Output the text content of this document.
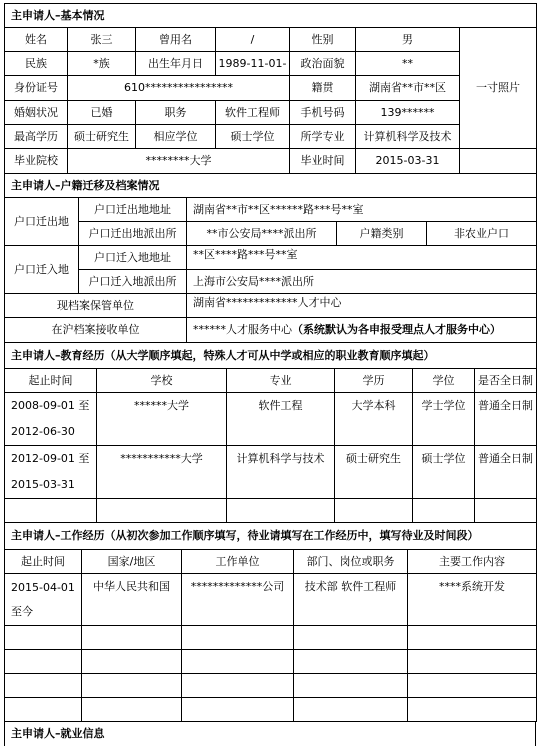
主申请人–基本情况						
姓名	张三	曾用名	/	性别	男	一寸照片
民族	*族	出生年月日	1989-11-01-	政治面貌	**	
身份证号	610****************			籍贯	湖南省**市**区	
婚姻状况	已婚	职务	软件工程师	手机号码	139******	
最高学历	硕士研究生	相应学位	硕士学位	所学专业	计算机科学及技术	
毕业院校	********大学			毕业时间	2015-03-31	
主申请人–户籍迁移及档案情况				
户口迁出地	户口迁出地地址	湖南省**市**区******路***号**室		
	户口迁出地派出所	**市公安局****派出所	户籍类别	非农业户口
户口迁入地	户口迁入地地址	**区****路***号**室		
	户口迁入地派出所	上海市公安局****派出所		
现档案保管单位		湖南省*************人才中心		
在沪档案接收单位		******人才服务中心（系统默认为各申报受理点人才服务中心）		
主申请人–教育经历（从大学顺序填起，特殊人才可从中学或相应的职业教育顺序填起）					
起止时间	学校	专业	学历	学位	是否全日制

2008-09-01 至
2012-06-30	******大学	软件工程	大学本科	学士学位	普通全日制

2012-09-01 至
2015-03-31	***********大学	计算机科学与技术	硕士研究生	硕士学位	普通全日制

主申请人–工作经历（从初次参加工作顺序填写，待业请填写在工作经历中，填写待业及时间段）				
起止时间	国家/地区	工作单位	部门、岗位或职务	主要工作内容

2015-04-01
至今	中华人民共和国	*************公司	技术部 软件工程师	****系统开发

主申请人–就业信息
